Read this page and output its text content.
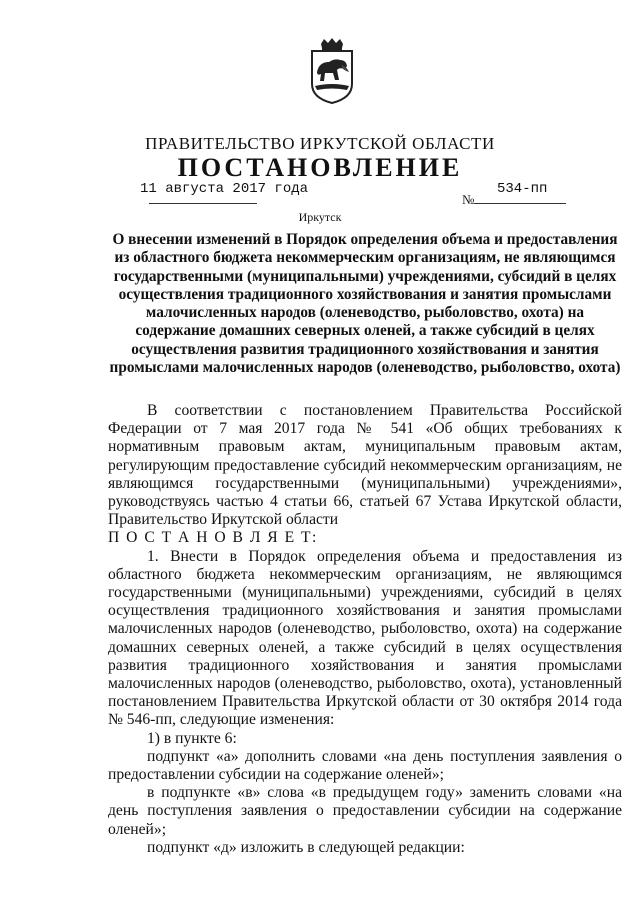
ПРАВИТЕЛЬСТВО ИРКУТСКОЙ ОБЛАСТИ
ПОСТАНОВЛЕНИЕ
11 августа 2017 года
№
534-пп
Иркутск
О внесении изменений в Порядок определения объема и предоставления из областного бюджета некоммерческим организациям, не являющимся государственными (муниципальными) учреждениями, субсидий в целях осуществления традиционного хозяйствования и занятия промыслами малочисленных народов (оленеводство, рыболовство, охота) на содержание домашних северных оленей, а также субсидий в целях осуществления развития традиционного хозяйствования и занятия промыслами малочисленных народов (оленеводство, рыболовство, охота)

В соответствии с постановлением Правительства Российской Федерации от 7 мая 2017 года № 541 «Об общих требованиях к нормативным правовым актам, муниципальным правовым актам, регулирующим предоставление субсидий некоммерческим организациям, не являющимся государственными (муниципальными) учреждениями», руководствуясь частью 4 статьи 66, статьей 67 Устава Иркутской области, Правительство Иркутской области

П О С Т А Н О В Л Я Е Т:

1. Внести в Порядок определения объема и предоставления из областного бюджета некоммерческим организациям, не являющимся государственными (муниципальными) учреждениями, субсидий в целях осуществления традиционного хозяйствования и занятия промыслами малочисленных народов (оленеводство, рыболовство, охота) на содержание домашних северных оленей, а также субсидий в целях осуществления развития традиционного хозяйствования и занятия промыслами малочисленных народов (оленеводство, рыболовство, охота), установленный постановлением Правительства Иркутской области от 30 октября 2014 года № 546-пп, следующие изменения:

1) в пункте 6:

подпункт «а» дополнить словами «на день поступления заявления о предоставлении субсидии на содержание оленей»;

в подпункте «в» слова «в предыдущем году» заменить словами «на день поступления заявления о предоставлении субсидии на содержание оленей»;

подпункт «д» изложить в следующей редакции:
